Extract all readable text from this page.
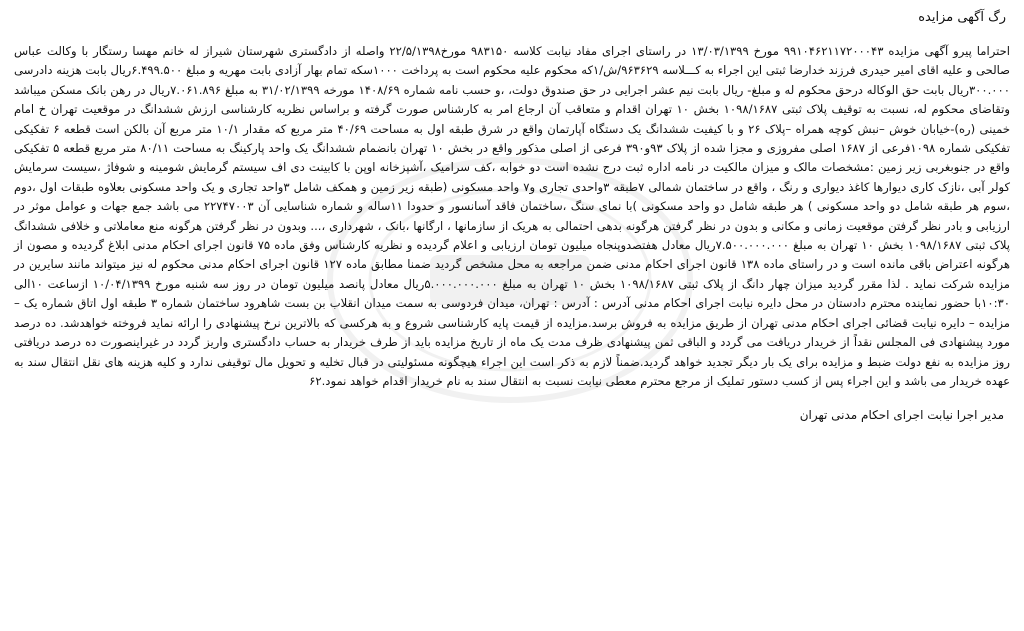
رگ آگهی مزایده

احتراما پیرو آگهی مزایده ۹۹۱۰۴۶۲۱۱۷۲۰۰۰۴۳ مورخ ۱۳/۰۳/۱۳۹۹ در راستای اجرای مفاد نیابت کلاسه ۹۸۳۱۵۰ مورخ۲۲/۵/۱۳۹۸ واصله از دادگستری شهرستان شیراز له خانم مهسا رستگار با وکالت عباس صالحی و علیه اقای امیر حیدری فرزند خدارضا ثبتی این اجراء به کـــلاسه ۹۶۳۶۲۹/ش/۱که محکوم علیه محکوم است به پرداخت ۱۰۰۰سکه تمام بهار آزادی بابت مهریه و مبلغ ۶.۴۹۹.۵۰۰ریال بابت هزینه دادرسی ۳۰۰.۰۰۰ریال بابت حق الوکاله درحق محکوم له و مبلغ- ریال بابت نیم عشر اجرایی در حق صندوق دولت، ،و حسب نامه شماره ۱۴۰۸/۶۹ مورخه ۳۱/۰۲/۱۳۹۹ به مبلغ ۷.۰۶۱.۸۹۶ریال در رهن بانک مسکن میباشد وتقاضای محکوم له، نسبت به توقیف پلاک ثبتی ۱۰۹۸/۱۶۸۷ بخش ۱۰ تهران اقدام و متعاقب آن ارجاع امر به کارشناس صورت گرفته و براساس نظریه کارشناسی ارزش ششدانگ در موقعیت تهران خ امام خمینی (ره)-خیابان خوش –نبش کوچه همراه –پلاک ۲۶ و با کیفیت ششدانگ یک دستگاه آپارتمان واقع در شرق طبقه اول به مساحت ۴۰/۶۹ متر مربع که مقدار ۱۰/۱ متر مربع آن بالکن است قطعه ۶ تفکیکی تفکیکی شماره ۱۰۹۸فرعی از ۱۶۸۷ اصلی مفروزی و مجزا شده از پلاک ۹۳و۳۹۰ فرعی از اصلی مذکور واقع در بخش ۱۰ تهران بانضمام ششدانگ یک واحد پارکینگ به مساحت ۸۰/۱۱ متر مربع قطعه ۵ تفکیکی واقع در جنوبغربی زیر زمین :مشخصات مالک و میزان مالکیت در نامه اداره ثبت درج نشده است دو خوابه ،کف سرامیک ،آشپزخانه اوپن با کابینت دی اف سیستم گرمایش شومینه و شوفاژ ،سیست سرمایش کولر آبی ،نازک کاری دیوارها کاغذ دیواری و رنگ ، واقع در ساختمان شمالی ۷طبقه ۳واحدی تجاری و۷ واحد مسکونی (طبقه زیر زمین و همکف شامل ۳واحد تجاری و یک واحد مسکونی بعلاوه طبقات اول ،دوم ،سوم هر طبقه شامل دو واحد مسکونی ) هر طبقه شامل دو واحد مسکونی )با نمای سنگ ،ساختمان فاقد آسانسور و حدودا ۱۱ساله و شماره شناسایی آن ۲۲۷۴۷۰۰۳ می باشد جمع جهات و عوامل موثر در ارزیابی و بادر نظر گرفتن موقعیت زمانی و مکانی و بدون در نظر گرفتن هرگونه بدهی احتمالی به هریک از سازمانها ، ارگانها ،بانک ، شهرداری ،... وبدون در نظر گرفتن هرگونه منع معاملاتی و خلافی ششدانگ پلاک ثبتی ۱۰۹۸/۱۶۸۷ بخش ۱۰ تهران به مبلغ ۷.۵۰۰.۰۰۰.۰۰۰ریال معادل هفتصدوپنجاه میلیون تومان ارزیابی و اعلام گردیده و نظریه کارشناس وفق ماده ۷۵ قانون اجرای احکام مدنی ابلاغ گردیده و مصون از هرگونه اعتراض باقی مانده است و در راستای ماده ۱۳۸ قانون اجرای احکام مدنی ضمن مراجعه به محل مشخص گردید ضمنا مطابق ماده ۱۲۷ قانون اجرای احکام مدنی محکوم له نیز میتواند مانند سایرین در مزایده شرکت نماید . لذا مقرر گردید میزان چهار دانگ از پلاک ثبتی ۱۰۹۸/۱۶۸۷ بخش ۱۰ تهران به مبلغ ۵.۰۰۰.۰۰۰.۰۰۰ریال معادل پانصد میلیون تومان در روز سه شنبه مورخ ۱۰/۰۴/۱۳۹۹ ازساعت ۱۰الی ۱۰:۳۰با حضور نماینده محترم دادستان در محل دایره نیابت اجرای احکام مدنی آدرس : آدرس : تهران، میدان فردوسی به سمت میدان انقلاب بن بست شاهرود ساختمان شماره ۳ طبقه اول اتاق شماره یک –مزایده – دایره نیابت قضائی اجرای احکام مدنی تهران از طریق مزایده به فروش برسد.مزایده از قیمت پایه کارشناسی شروع و به هرکسی که بالاترین نرخ پیشنهادی را ارائه نماید فروخته خواهدشد. ده درصد مورد پیشنهادی فی المجلس نقداً از خریدار دریافت می گردد و الباقی ثمن پیشنهادی ظرف مدت یک ماه از تاریخ مزایده باید از طرف خریدار به حساب دادگستری واریز گردد در غیراینصورت ده درصد دریافتی روز مزایده به نفع دولت ضبط و مزایده برای یک بار دیگر تجدید خواهد گردید.ضمناً لازم به ذکر است این اجراء هیچگونه مسئولیتی در قبال تخلیه و تحویل مال توقیفی ندارد و کلیه هزینه های نقل انتقال سند به عهده خریدار می باشد و این اجراء پس از کسب دستور تملیک از مرجع محترم معطی نیابت نسبت به انتقال سند به نام خریدار اقدام خواهد نمود.۶۲

مدیر اجرا نیابت اجرای احکام مدنی تهران
